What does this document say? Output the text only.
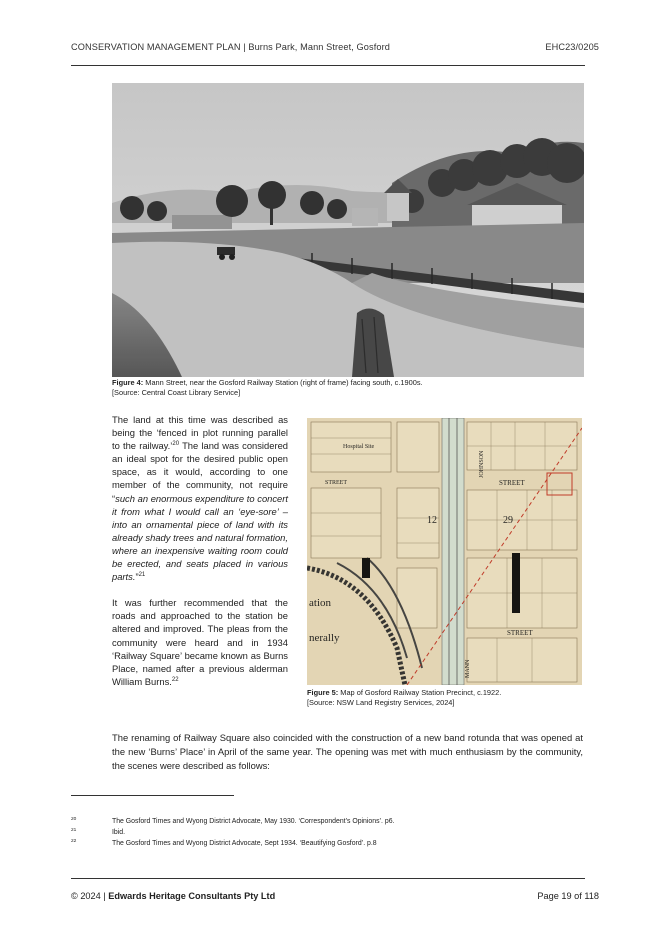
CONSERVATION MANAGEMENT PLAN | Burns Park, Mann Street, Gosford	EHC23/0205
Figure 4: Mann Street, near the Gosford Railway Station (right of frame) facing south, c.1900s.
[Source: Central Coast Library Service]

The land at this time was described as being the ‘fenced in plot running parallel to the railway.’$^{20}$ The land was considered an ideal spot for the desired public open space, as it would, according to one member of the community, not require “such an enormous expenditure to concert it from what I would call an ‘eye-sore’ – into an ornamental piece of land with its already shady trees and natural formation, where an inexpensive waiting room could be erected, and seats placed in various parts.”$^{21}$

It was further recommended that the roads and approached to the station be altered and improved. The pleas from the community were heard and in 1934 ‘Railway Square’ became known as Burns Place, named after a previous alderman William Burns.$^{22}$

STREET
STREET
STREET
JOHNSON
MANN
ation
nerally
12	29
Hospital Site
Figure 5: Map of Gosford Railway Station Precinct, c.1922.
[Source: NSW Land Registry Services, 2024]
The renaming of Railway Square also coincided with the construction of a new band rotunda that was opened at the new ‘Burns’ Place’ in April of the same year. The opening was met with much enthusiasm by the community, the scenes were described as follows:
20	The Gosford Times and Wyong District Advocate, May 1930. ‘Correspondent’s Opinions’. p6.
21	Ibid.
22	The Gosford Times and Wyong District Advocate, Sept 1934. ‘Beautifying Gosford’. p.8
© 2024 | Edwards Heritage Consultants Pty Ltd	Page 19 of 118
